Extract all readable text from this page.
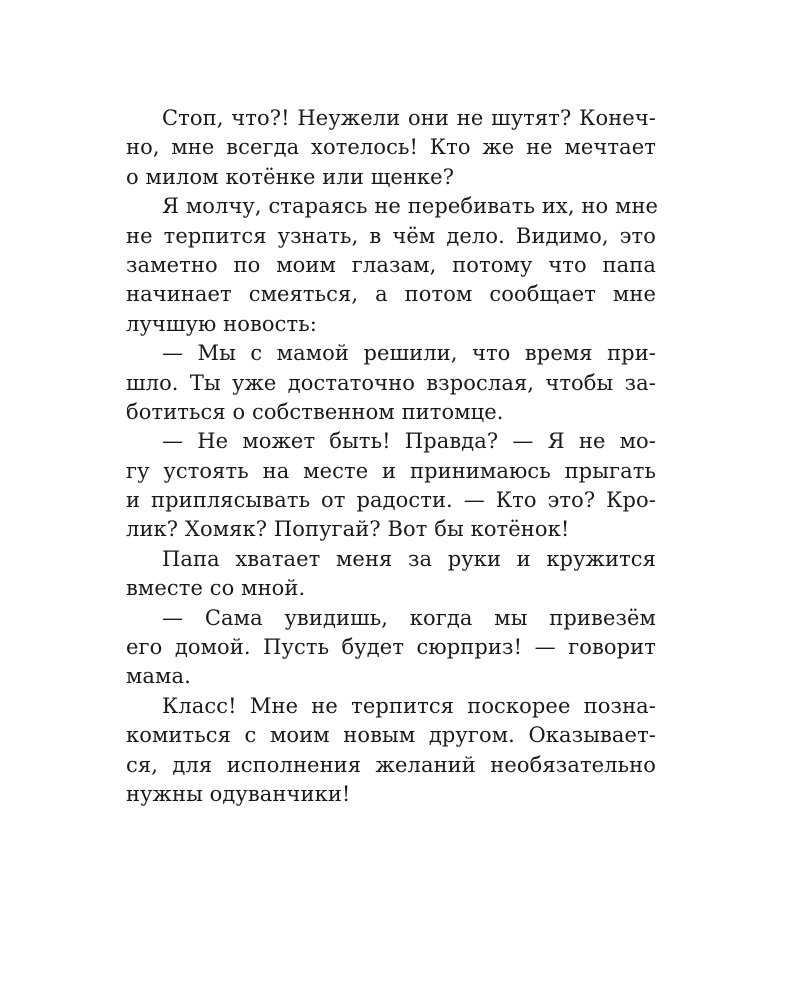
Стоп, что?! Неужели они не шутят? Конеч-
но, мне всегда хотелось! Кто же не мечтает
о милом котёнке или щенке?
Я молчу, стараясь не перебивать их, но мне
не терпится узнать, в чём дело. Видимо, это
заметно по моим глазам, потому что папа
начинает смеяться, а потом сообщает мне
лучшую новость:
— Мы с мамой решили, что время при-
шло. Ты уже достаточно взрослая, чтобы за-
ботиться о собственном питомце.
— Не может быть! Правда? — Я не мо-
гу устоять на месте и принимаюсь прыгать
и приплясывать от радости. — Кто это? Кро-
лик? Хомяк? Попугай? Вот бы котёнок!
Папа хватает меня за руки и кружится
вместе со мной.
— Сама увидишь, когда мы привезём
его домой. Пусть будет сюрприз! — говорит
мама.
Класс! Мне не терпится поскорее позна-
комиться с моим новым другом. Оказывает-
ся, для исполнения желаний необязательно
нужны одуванчики!
